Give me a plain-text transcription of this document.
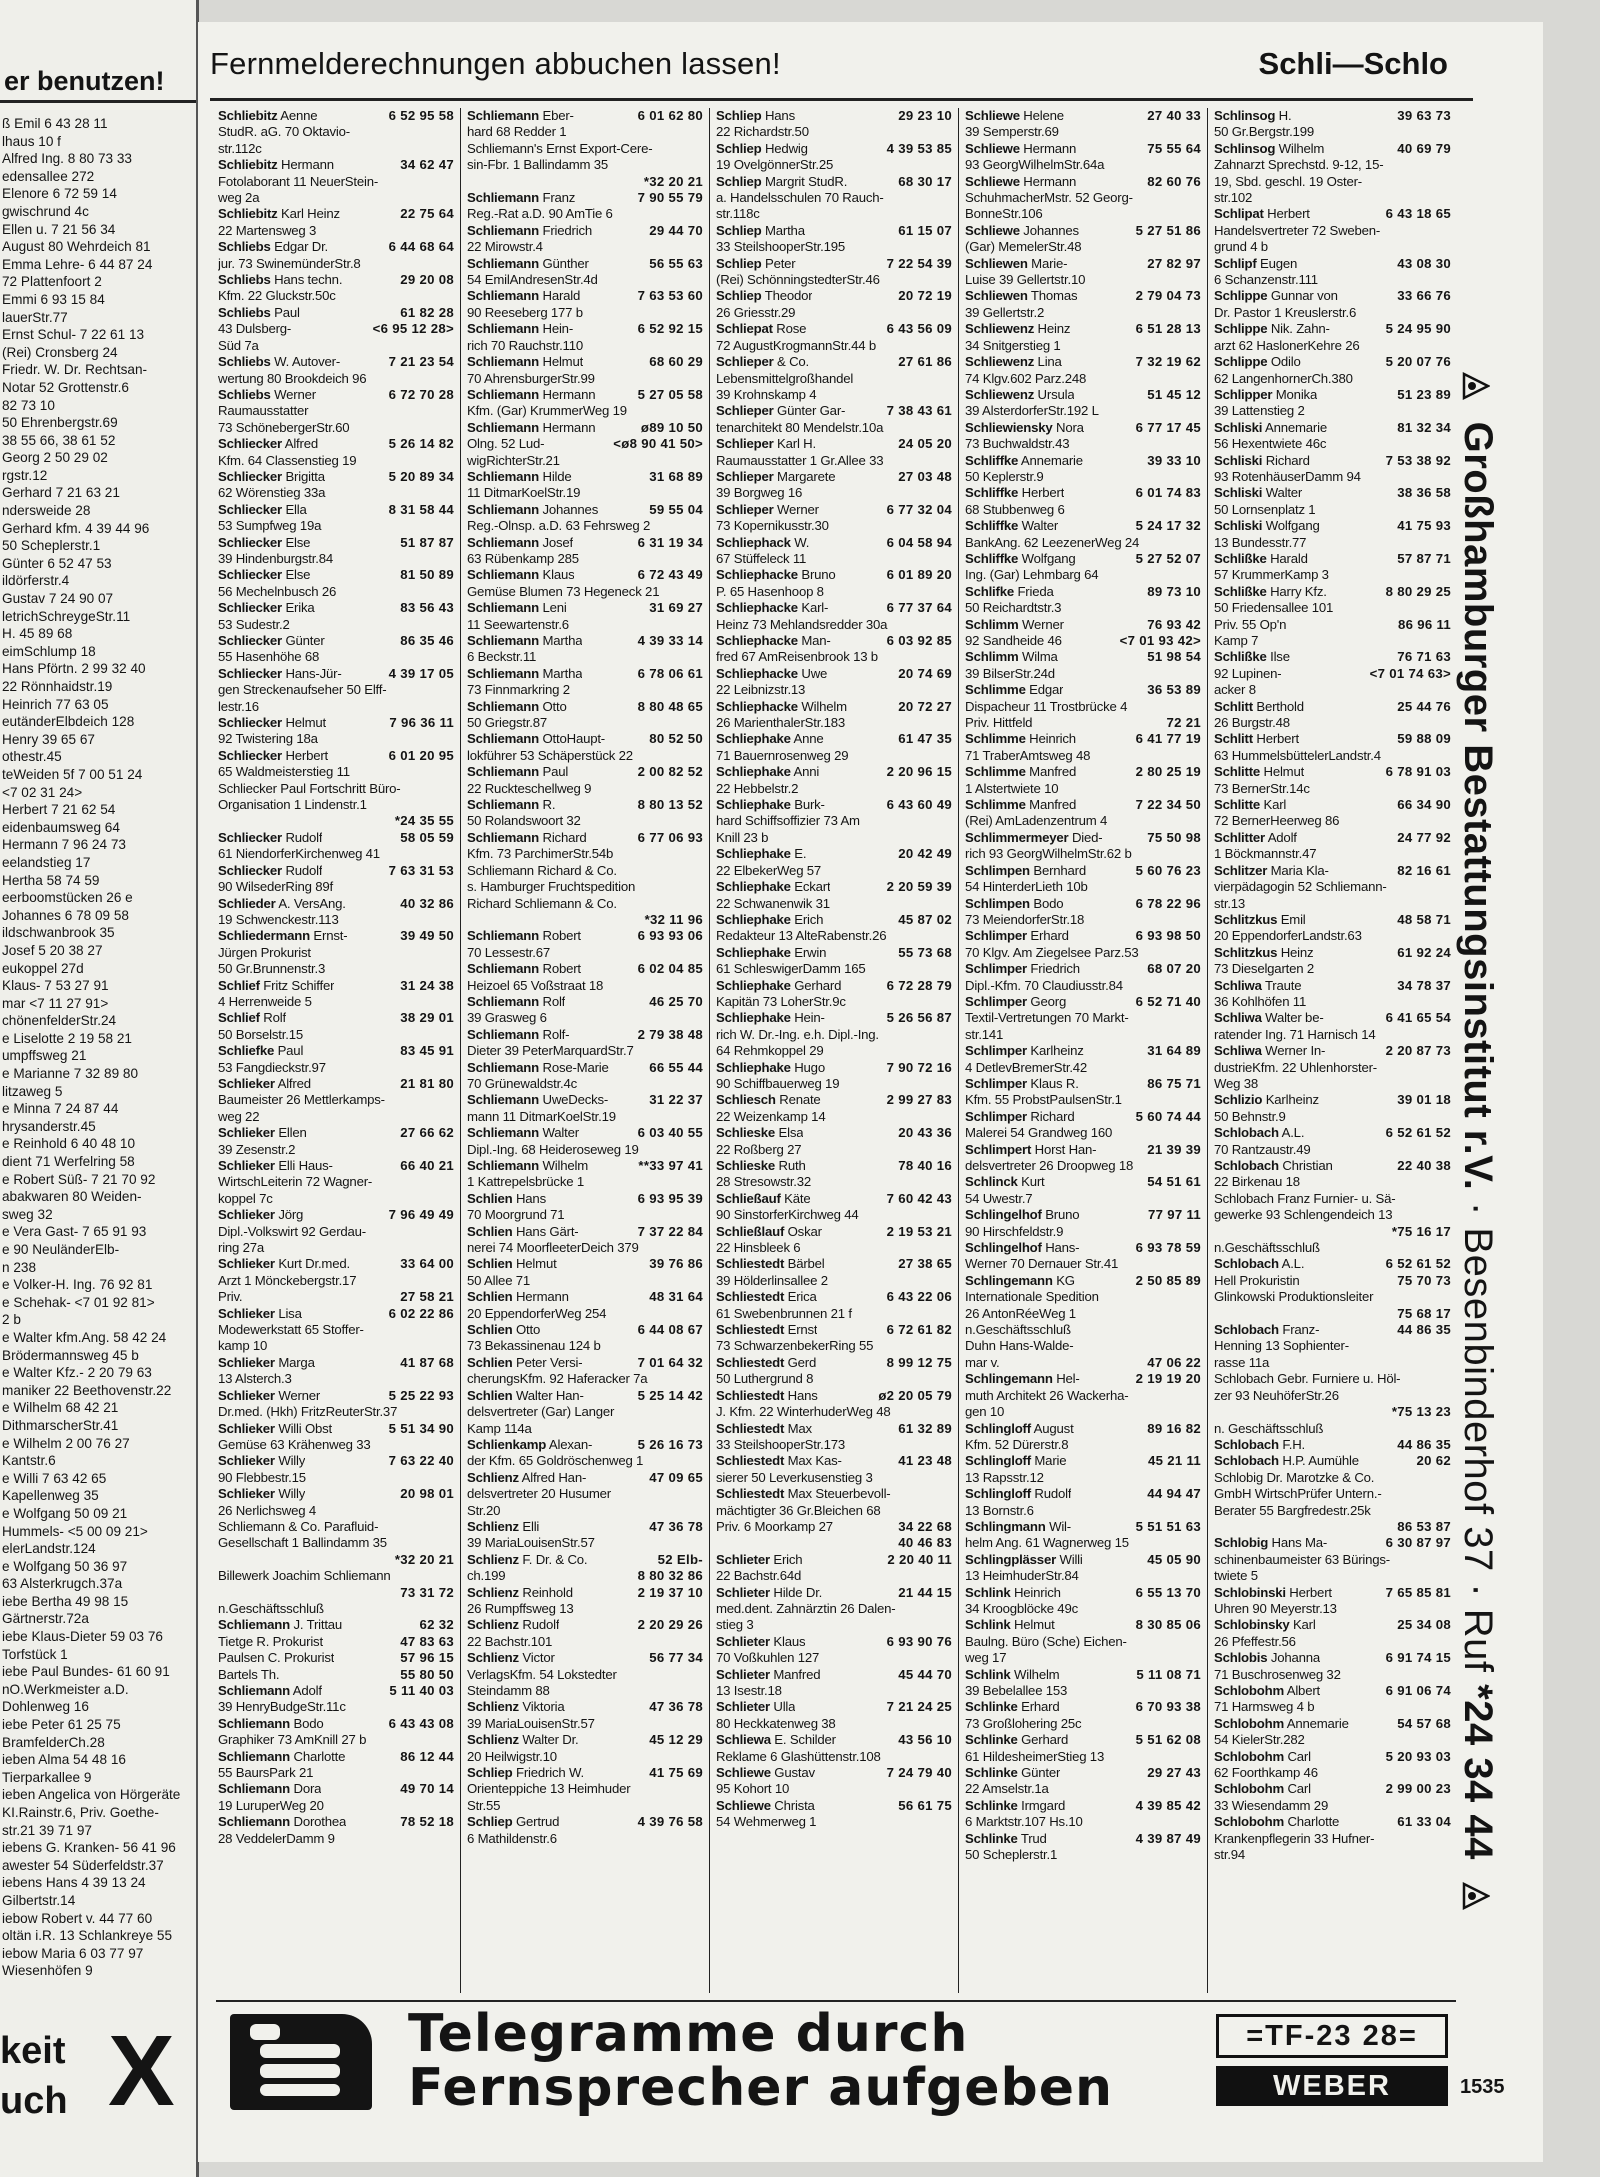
er benutzen!
ß Emil 6 43 28 11
lhaus 10 f
Alfred Ing. 8 80 73 33
edensallee 272
Elenore 6 72 59 14
gwischrund 4c
Ellen u. 7 21 56 34
August 80 Wehrdeich 81
Emma Lehre- 6 44 87 24
72 Plattenfoort 2
Emmi 6 93 15 84
lauerStr.77
Ernst Schul- 7 22 61 13
(Rei) Cronsberg 24
Friedr. W. Dr. Rechtsan-
Notar 52 Grottenstr.6
82 73 10
50 Ehrenbergstr.69
38 55 66, 38 61 52
Georg 2 50 29 02
rgstr.12
Gerhard 7 21 63 21
ndersweide 28
Gerhard kfm. 4 39 44 96
50 Scheplerstr.1
Günter 6 52 47 53
ildörferstr.4
Gustav 7 24 90 07
letrichSchreygeStr.11
H. 45 89 68
eimSchlump 18
Hans Pförtn. 2 99 32 40
22 Rönnhaidstr.19
Heinrich 77 63 05
eutänderElbdeich 128
Henry 39 65 67
othestr.45
teWeiden 5f 7 00 51 24
<7 02 31 24>
Herbert 7 21 62 54
eidenbaumsweg 64
Hermann 7 96 24 73
eelandstieg 17
Hertha 58 74 59
eerboomstücken 26 e
Johannes 6 78 09 58
ildschwanbrook 35
Josef 5 20 38 27
eukoppel 27d
Klaus- 7 53 27 91
mar <7 11 27 91>
chönenfelderStr.24
e Liselotte 2 19 58 21
umpffsweg 21
e Marianne 7 32 89 80
litzaweg 5
e Minna 7 24 87 44
hrysanderstr.45
e Reinhold 6 40 48 10
dient 71 Werfelring 58
e Robert Süß- 7 21 70 92
abakwaren 80 Weiden-
sweg 32
e Vera Gast- 7 65 91 93
e 90 NeuländerElb-
n 238
e Volker-H. Ing. 76 92 81
e Schehak- <7 01 92 81>
2 b
e Walter kfm.Ang. 58 42 24
Brödermannsweg 45 b
e Walter Kfz.- 2 20 79 63
maniker 22 Beethovenstr.22
e Wilhelm 68 42 21
DithmarscherStr.41
e Wilhelm 2 00 76 27
Kantstr.6
e Willi 7 63 42 65
Kapellenweg 35
e Wolfgang 50 09 21
Hummels- <5 00 09 21>
elerLandstr.124
e Wolfgang 50 36 97
63 Alsterkrugch.37a
iebe Bertha 49 98 15
Gärtnerstr.72a
iebe Klaus-Dieter 59 03 76
Torfstück 1
iebe Paul Bundes- 61 60 91
nO.Werkmeister a.D.
Dohlenweg 16
iebe Peter 61 25 75
BramfelderCh.28
ieben Alma 54 48 16
Tierparkallee 9
ieben Angelica von Hörgeräte
KI.Rainstr.6, Priv. Goethe-
str.21 39 71 97
iebens G. Kranken- 56 41 96
awester 54 Süderfeldstr.37
iebens Hans 4 39 13 24
Gilbertstr.14
iebow Robert v. 44 77 60
oltän i.R. 13 Schlankreye 55
iebow Maria 6 03 77 97
Wiesenhöfen 9
keit
uch X
Fernmelderechnungen abbuchen lassen!	Schli—Schlo
Schliebitz Aenne	6 52 95 58
StudR. aG. 70 Oktavio-
str.112c
Schliebitz Hermann	34 62 47
Fotolaborant 11 NeuerStein-
weg 2a
Schliebitz Karl Heinz	22 75 64
22 Martensweg 3
Schliebs Edgar Dr.	6 44 68 64
jur. 73 SwinemünderStr.8
Schliebs Hans techn.	29 20 08
Kfm. 22 Gluckstr.50c
Schliebs Paul	61 82 28
43 Dulsberg-	<6 95 12 28>
Süd 7a
Schliebs W. Autover-	7 21 23 54
wertung 80 Brookdeich 96
Schliebs Werner	6 72 70 28
Raumausstatter
73 SchönebergerStr.60
Schliecker Alfred	5 26 14 82
Kfm. 64 Classenstieg 19
Schliecker Brigitta	5 20 89 34
62 Wörenstieg 33a
Schliecker Ella	8 31 58 44
53 Sumpfweg 19a
Schliecker Else	51 87 87
39 Hindenburgstr.84
Schliecker Else	81 50 89
56 Mechelnbusch 26
Schliecker Erika	83 56 43
53 Sudestr.2
Schliecker Günter	86 35 46
55 Hasenhöhe 68
Schliecker Hans-Jür-	4 39 17 05
gen Streckenaufseher 50 Elff-
lestr.16
Schliecker Helmut	7 96 36 11
92 Twistering 18a
Schliecker Herbert	6 01 20 95
65 Waldmeisterstieg 11
Schliecker Paul Fortschritt Büro-
Organisation 1 Lindenstr.1
*24 35 55
Schliecker Rudolf	58 05 59
61 NiendorferKirchenweg 41
Schliecker Rudolf	7 63 31 53
90 WilsederRing 89f
Schlieder A. VersAng.	40 32 86
19 Schwenckestr.113
Schliedermann Ernst-	39 49 50
Jürgen Prokurist
50 Gr.Brunnenstr.3
Schlief Fritz Schiffer	31 24 38
4 Herrenweide 5
Schlief Rolf	38 29 01
50 Borselstr.15
Schliefke Paul	83 45 91
53 Fangdieckstr.97
Schlieker Alfred	21 81 80
Baumeister 26 Mettlerkamps-
weg 22
Schlieker Ellen	27 66 62
39 Zesenstr.2
Schlieker Elli Haus-	66 40 21
WirtschLeiterin 72 Wagner-
koppel 7c
Schlieker Jörg	7 96 49 49
Dipl.-Volkswirt 92 Gerdau-
ring 27a
Schlieker Kurt Dr.med.	33 64 00
Arzt 1 Mönckebergstr.17
Priv.	27 58 21
Schlieker Lisa	6 02 22 86
Modewerkstatt 65 Stoffer-
kamp 10
Schlieker Marga	41 87 68
13 Alsterch.3
Schlieker Werner	5 25 22 93
Dr.med. (Hkh) FritzReuterStr.37
Schlieker Willi Obst	5 51 34 90
Gemüse 63 Krähenweg 33
Schlieker Willy	7 63 22 40
90 Flebbestr.15
Schlieker Willy	20 98 01
26 Nerlichsweg 4
Schliemann & Co. Parafluid-
Gesellschaft 1 Ballindamm 35
*32 20 21
Billewerk Joachim Schliemann
73 31 72
n.Geschäftsschluß
Schliemann J. Trittau	62 32
Tietge R. Prokurist	47 83 63
Paulsen C. Prokurist	57 96 15
Bartels Th.	55 80 50
Schliemann Adolf	5 11 40 03
39 HenryBudgeStr.11c
Schliemann Bodo	6 43 43 08
Graphiker 73 AmKnill 27 b
Schliemann Charlotte	86 12 44
55 BaursPark 21
Schliemann Dora	49 70 14
19 LuruperWeg 20
Schliemann Dorothea	78 52 18
28 VeddelerDamm 9
Schliemann Eber-	6 01 62 80
hard 68 Redder 1
Schliemann's Ernst Export-Cere-
sin-Fbr. 1 Ballindamm 35
*32 20 21
Schliemann Franz	7 90 55 79
Reg.-Rat a.D. 90 AmTie 6
Schliemann Friedrich	29 44 70
22 Mirowstr.4
Schliemann Günther	56 55 63
54 EmilAndresenStr.4d
Schliemann Harald	7 63 53 60
90 Reeseberg 177 b
Schliemann Hein-	6 52 92 15
rich 70 Rauchstr.110
Schliemann Helmut	68 60 29
70 AhrensburgerStr.99
Schliemann Hermann	5 27 05 58
Kfm. (Gar) KrummerWeg 19
Schliemann Hermann	ø89 10 50
Olng. 52 Lud-	<ø8 90 41 50>
wigRichterStr.21
Schliemann Hilde	31 68 89
11 DitmarKoelStr.19
Schliemann Johannes	59 55 04
Reg.-Olnsp. a.D. 63 Fehrsweg 2
Schliemann Josef	6 31 19 34
63 Rübenkamp 285
Schliemann Klaus	6 72 43 49
Gemüse Blumen 73 Hegeneck 21
Schliemann Leni	31 69 27
11 Seewartenstr.6
Schliemann Martha	4 39 33 14
6 Beckstr.11
Schliemann Martha	6 78 06 61
73 Finnmarkring 2
Schliemann Otto	8 80 48 65
50 Griegstr.87
Schliemann OttoHaupt-	80 52 50
lokführer 53 Schäperstück 22
Schliemann Paul	2 00 82 52
22 Ruckteschellweg 9
Schliemann R.	8 80 13 52
50 Rolandswoort 32
Schliemann Richard	6 77 06 93
Kfm. 73 ParchimerStr.54b
Schliemann Richard & Co.
s. Hamburger Fruchtspedition
Richard Schliemann & Co.
*32 11 96
Schliemann Robert	6 93 93 06
70 Lessestr.67
Schliemann Robert	6 02 04 85
Heizoel 65 Voßstraat 18
Schliemann Rolf	46 25 70
39 Grasweg 6
Schliemann Rolf-	2 79 38 48
Dieter 39 PeterMarquardStr.7
Schliemann Rose-Marie	66 55 44
70 Grünewaldstr.4c
Schliemann UweDecks-	31 22 37
mann 11 DitmarKoelStr.19
Schliemann Walter	6 03 40 55
Dipl.-Ing. 68 Heideroseweg 19
Schliemann Wilhelm	**33 97 41
1 Kattrepelsbrücke 1
Schlien Hans	6 93 95 39
70 Moorgrund 71
Schlien Hans Gärt-	7 37 22 84
nerei 74 MoorfleeterDeich 379
Schlien Helmut	39 76 86
50 Allee 71
Schlien Hermann	48 31 64
20 EppendorferWeg 254
Schlien Otto	6 44 08 67
73 Bekassinenau 124 b
Schlien Peter Versi-	7 01 64 32
cherungsKfm. 92 Haferacker 7a
Schlien Walter Han-	5 25 14 42
delsvertreter (Gar) Langer
Kamp 114a
Schlienkamp Alexan-	5 26 16 73
der Kfm. 65 Goldröschenweg 1
Schlienz Alfred Han-	47 09 65
delsvertreter 20 Husumer
Str.20
Schlienz Elli	47 36 78
39 MariaLouisenStr.57
Schlienz F. Dr. & Co.	52 Elb-
ch.199	8 80 32 86
Schlienz Reinhold	2 19 37 10
26 Rumpffsweg 13
Schlienz Rudolf	2 20 29 26
22 Bachstr.101
Schlienz Victor	56 77 34
VerlagsKfm. 54 Lokstedter
Steindamm 88
Schlienz Viktoria	47 36 78
39 MariaLouisenStr.57
Schlienz Walter Dr.	45 12 29
20 Heilwigstr.10
Schliep Friedrich W.	41 75 69
Orienteppiche 13 Heimhuder
Str.55
Schliep Gertrud	4 39 76 58
6 Mathildenstr.6
Schliep Hans	29 23 10
22 Richardstr.50
Schliep Hedwig	4 39 53 85
19 OvelgönnerStr.25
Schliep Margrit StudR.	68 30 17
a. Handelsschulen 70 Rauch-
str.118c
Schliep Martha	61 15 07
33 SteilshooperStr.195
Schliep Peter	7 22 54 39
(Rei) SchönningstedterStr.46
Schliep Theodor	20 72 19
26 Griesstr.29
Schliepat Rose	6 43 56 09
72 AugustKrogmannStr.44 b
Schlieper & Co.	27 61 86
Lebensmittelgroßhandel
39 Krohnskamp 4
Schlieper Günter Gar-	7 38 43 61
tenarchitekt 80 Mendelstr.10a
Schlieper Karl H.	24 05 20
Raumausstatter 1 Gr.Allee 33
Schlieper Margarete	27 03 48
39 Borgweg 16
Schlieper Werner	6 77 32 04
73 Kopernikusstr.30
Schliephack W.	6 04 58 94
67 Stüffeleck 11
Schliephacke Bruno	6 01 89 20
P. 65 Hasenhoop 8
Schliephacke Karl-	6 77 37 64
Heinz 73 Mehlandsredder 30a
Schliephacke Man-	6 03 92 85
fred 67 AmReisenbrook 13 b
Schliephacke Uwe	20 74 69
22 Leibnizstr.13
Schliephacke Wilhelm	20 72 27
26 MarienthalerStr.183
Schliephake Anne	61 47 35
71 Bauernrosenweg 29
Schliephake Anni	2 20 96 15
22 Hebbelstr.2
Schliephake Burk-	6 43 60 49
hard Schiffsoffizier 73 Am
Knill 23 b
Schliephake E.	20 42 49
22 ElbekerWeg 57
Schliephake Eckart	2 20 59 39
22 Schwanenwik 31
Schliephake Erich	45 87 02
Redakteur 13 AlteRabenstr.26
Schliephake Erwin	55 73 68
61 SchleswigerDamm 165
Schliephake Gerhard	6 72 28 79
Kapitän 73 LoherStr.9c
Schliephake Hein-	5 26 56 87
rich W. Dr.-Ing. e.h. Dipl.-Ing.
64 Rehmkoppel 29
Schliephake Hugo	7 90 72 16
90 Schiffbauerweg 19
Schliesch Renate	2 99 27 83
22 Weizenkamp 14
Schlieske Elsa	20 43 36
22 Roßberg 27
Schlieske Ruth	78 40 16
28 Stresowstr.32
Schließauf Käte	7 60 42 43
90 SinstorferKirchweg 44
Schließlauf Oskar	2 19 53 21
22 Hinsbleek 6
Schliestedt Bärbel	27 38 65
39 Hölderlinsallee 2
Schliestedt Erica	6 43 22 06
61 Swebenbrunnen 21 f
Schliestedt Ernst	6 72 61 82
73 SchwarzenbekerRing 55
Schliestedt Gerd	8 99 12 75
50 Luthergrund 8
Schliestedt Hans	ø2 20 05 79
J. Kfm. 22 WinterhuderWeg 48
Schliestedt Max	61 32 89
33 SteilshooperStr.173
Schliestedt Max Kas-	41 23 48
sierer 50 Leverkusenstieg 3
Schliestedt Max Steuerbevoll-
mächtigter 36 Gr.Bleichen 68
Priv. 6 Moorkamp 27	34 22 68
40 46 83
Schlieter Erich	2 20 40 11
22 Bachstr.64d
Schlieter Hilde Dr.	21 44 15
med.dent. Zahnärztin 26 Dalen-
stieg 3
Schlieter Klaus	6 93 90 76
70 Voßkuhlen 127
Schlieter Manfred	45 44 70
13 Isestr.18
Schlieter Ulla	7 21 24 25
80 Heckkatenweg 38
Schliewa E. Schilder	43 56 10
Reklame 6 Glashüttenstr.108
Schliewe Gustav	7 24 79 40
95 Kohort 10
Schliewe Christa	56 61 75
54 Wehmerweg 1
Schliewe Helene	27 40 33
39 Semperstr.69
Schliewe Hermann	75 55 64
93 GeorgWilhelmStr.64a
Schliewe Hermann	82 60 76
SchuhmacherMstr. 52 Georg-
BonneStr.106
Schliewe Johannes	5 27 51 86
(Gar) MemelerStr.48
Schliewen Marie-	27 82 97
Luise 39 Gellertstr.10
Schliewen Thomas	2 79 04 73
39 Gellertstr.2
Schliewenz Heinz	6 51 28 13
34 Snitgerstieg 1
Schliewenz Lina	7 32 19 62
74 Klgv.602 Parz.248
Schliewenz Ursula	51 45 12
39 AlsterdorferStr.192 L
Schliewiensky Nora	6 77 17 45
73 Buchwaldstr.43
Schliffke Annemarie	39 33 10
50 Keplerstr.9
Schliffke Herbert	6 01 74 83
68 Stubbenweg 6
Schliffke Walter	5 24 17 32
BankAng. 62 LeezenerWeg 24
Schliffke Wolfgang	5 27 52 07
Ing. (Gar) Lehmbarg 64
Schlifke Frieda	89 73 10
50 Reichardtstr.3
Schlimm Werner	76 93 42
92 Sandheide 46	<7 01 93 42>
Schlimm Wilma	51 98 54
39 BilserStr.24d
Schlimme Edgar	36 53 89
Dispacheur 11 Trostbrücke 4
Priv. Hittfeld	72 21
Schlimme Heinrich	6 41 77 19
71 TraberAmtsweg 48
Schlimme Manfred	2 80 25 19
1 Alstertwiete 10
Schlimme Manfred	7 22 34 50
(Rei) AmLadenzentrum 4
Schlimmermeyer Died-	75 50 98
rich 93 GeorgWilhelmStr.62 b
Schlimpen Bernhard	5 60 76 23
54 HinterderLieth 10b
Schlimpen Bodo	6 78 22 96
73 MeiendorferStr.18
Schlimper Erhard	6 93 98 50
70 Klgv. Am Ziegelsee Parz.53
Schlimper Friedrich	68 07 20
Dipl.-Kfm. 70 Claudiusstr.84
Schlimper Georg	6 52 71 40
Textil-Vertretungen 70 Markt-
str.141
Schlimper Karlheinz	31 64 89
4 DetlevBremerStr.42
Schlimper Klaus R.	86 75 71
Kfm. 55 ProbstPaulsenStr.1
Schlimper Richard	5 60 74 44
Malerei 54 Grandweg 160
Schlimpert Horst Han-	21 39 39
delsvertreter 26 Droopweg 18
Schlinck Kurt	54 51 61
54 Uwestr.7
Schlingelhof Bruno	77 97 11
90 Hirschfeldstr.9
Schlingelhof Hans-	6 93 78 59
Werner 70 Dernauer Str.41
Schlingemann KG	2 50 85 89
Internationale Spedition
26 AntonRéeWeg 1
n.Geschäftsschluß
Duhn Hans-Walde-
mar v.	47 06 22
Schlingemann Hel-	2 19 19 20
muth Architekt 26 Wackerha-
gen 10
Schlingloff August	89 16 82
Kfm. 52 Dürerstr.8
Schlingloff Marie	45 21 11
13 Rapsstr.12
Schlingloff Rudolf	44 94 47
13 Bornstr.6
Schlingmann Wil-	5 51 51 63
helm Ang. 61 Wagnerweg 15
Schlingplässer Willi	45 05 90
13 HeimhuderStr.84
Schlink Heinrich	6 55 13 70
34 Kroogblöcke 49c
Schlink Helmut	8 30 85 06
Baulng. Büro (Sche) Eichen-
weg 17
Schlink Wilhelm	5 11 08 71
39 Bebelallee 153
Schlinke Erhard	6 70 93 38
73 Großlohering 25c
Schlinke Gerhard	5 51 62 08
61 HildesheimerStieg 13
Schlinke Günter	29 27 43
22 Amselstr.1a
Schlinke Irmgard	4 39 85 42
6 Marktstr.107 Hs.10
Schlinke Trud	4 39 87 49
50 Scheplerstr.1
Schlinsog H.	39 63 73
50 Gr.Bergstr.199
Schlinsog Wilhelm	40 69 79
Zahnarzt Sprechstd. 9-12, 15-
19, Sbd. geschl. 19 Oster-
str.102
Schlipat Herbert	6 43 18 65
Handelsvertreter 72 Sweben-
grund 4 b
Schlipf Eugen	43 08 30
6 Schanzenstr.111
Schlippe Gunnar von	33 66 76
Dr. Pastor 1 Kreuslerstr.6
Schlippe Nik. Zahn-	5 24 95 90
arzt 62 HaslonerKehre 26
Schlippe Odilo	5 20 07 76
62 LangenhornerCh.380
Schlipper Monika	51 23 89
39 Lattenstieg 2
Schliski Annemarie	81 32 34
56 Hexentwiete 46c
Schliski Richard	7 53 38 92
93 RotenhäuserDamm 94
Schliski Walter	38 36 58
50 Lornsenplatz 1
Schliski Wolfgang	41 75 93
13 Bundesstr.77
Schlißke Harald	57 87 71
57 KrummerKamp 3
Schlißke Harry Kfz.	8 80 29 25
50 Friedensallee 101
Priv. 55 Op'n	86 96 11
Kamp 7
Schlißke Ilse	76 71 63
92 Lupinen-	<7 01 74 63>
acker 8
Schlitt Berthold	25 44 76
26 Burgstr.48
Schlitt Herbert	59 88 09
63 HummelsbüttelerLandstr.4
Schlitte Helmut	6 78 91 03
73 BernerStr.14c
Schlitte Karl	66 34 90
72 BernerHeerweg 86
Schlitter Adolf	24 77 92
1 Böckmannstr.47
Schlitzer Maria Kla-	82 16 61
vierpädagogin 52 Schliemann-
str.13
Schlitzkus Emil	48 58 71
20 EppendorferLandstr.63
Schlitzkus Heinz	61 92 24
73 Dieselgarten 2
Schliwa Traute	34 78 37
36 Kohlhöfen 11
Schliwa Walter be-	6 41 65 54
ratender Ing. 71 Harnisch 14
Schliwa Werner In-	2 20 87 73
dustrieKfm. 22 Uhlenhorster-
Weg 38
Schlizio Karlheinz	39 01 18
50 Behnstr.9
Schlobach A.L.	6 52 61 52
70 Rantzaustr.49
Schlobach Christian	22 40 38
22 Birkenau 18
Schlobach Franz Furnier- u. Sä-
gewerke 93 Schlengendeich 13
*75 16 17
n.Geschäftsschluß
Schlobach A.L.	6 52 61 52
Hell Prokuristin	75 70 73
Glinkowski Produktionsleiter
75 68 17
Schlobach Franz-	44 86 35
Henning 13 Sophienter-
rasse 11a
Schlobach Gebr. Furniere u. Höl-
zer 93 NeuhöferStr.26
*75 13 23
n. Geschäftsschluß
Schlobach F.H.	44 86 35
Schlobach H.P. Aumühle	20 62
Schlobig Dr. Marotzke & Co.
GmbH WirtschPrüfer Untern.-
Berater 55 Bargfredestr.25k
86 53 87
Schlobig Hans Ma-	6 30 87 97
schinenbaumeister 63 Bürings-
twiete 5
Schlobinski Herbert	7 65 85 81
Uhren 90 Meyerstr.13
Schlobinsky Karl	25 34 08
26 Pfeffestr.56
Schlobis Johanna	6 91 74 15
71 Buschrosenweg 32
Schlobohm Albert	6 91 06 74
71 Harmsweg 4 b
Schlobohm Annemarie	54 57 68
54 KielerStr.282
Schlobohm Carl	5 20 93 03
62 Foorthkamp 46
Schlobohm Carl	2 99 00 23
33 Wiesendamm 29
Schlobohm Charlotte	61 33 04
Krankenpflegerin 33 Hufner-
str.94
Großhamburger Bestattungsinstitut r.V. · Besenbinderhof 37 · Ruf *24 34 44
Telegramme durch
Fernsprecher aufgeben
=TF-23 28=
WEBER WESEL
1535
